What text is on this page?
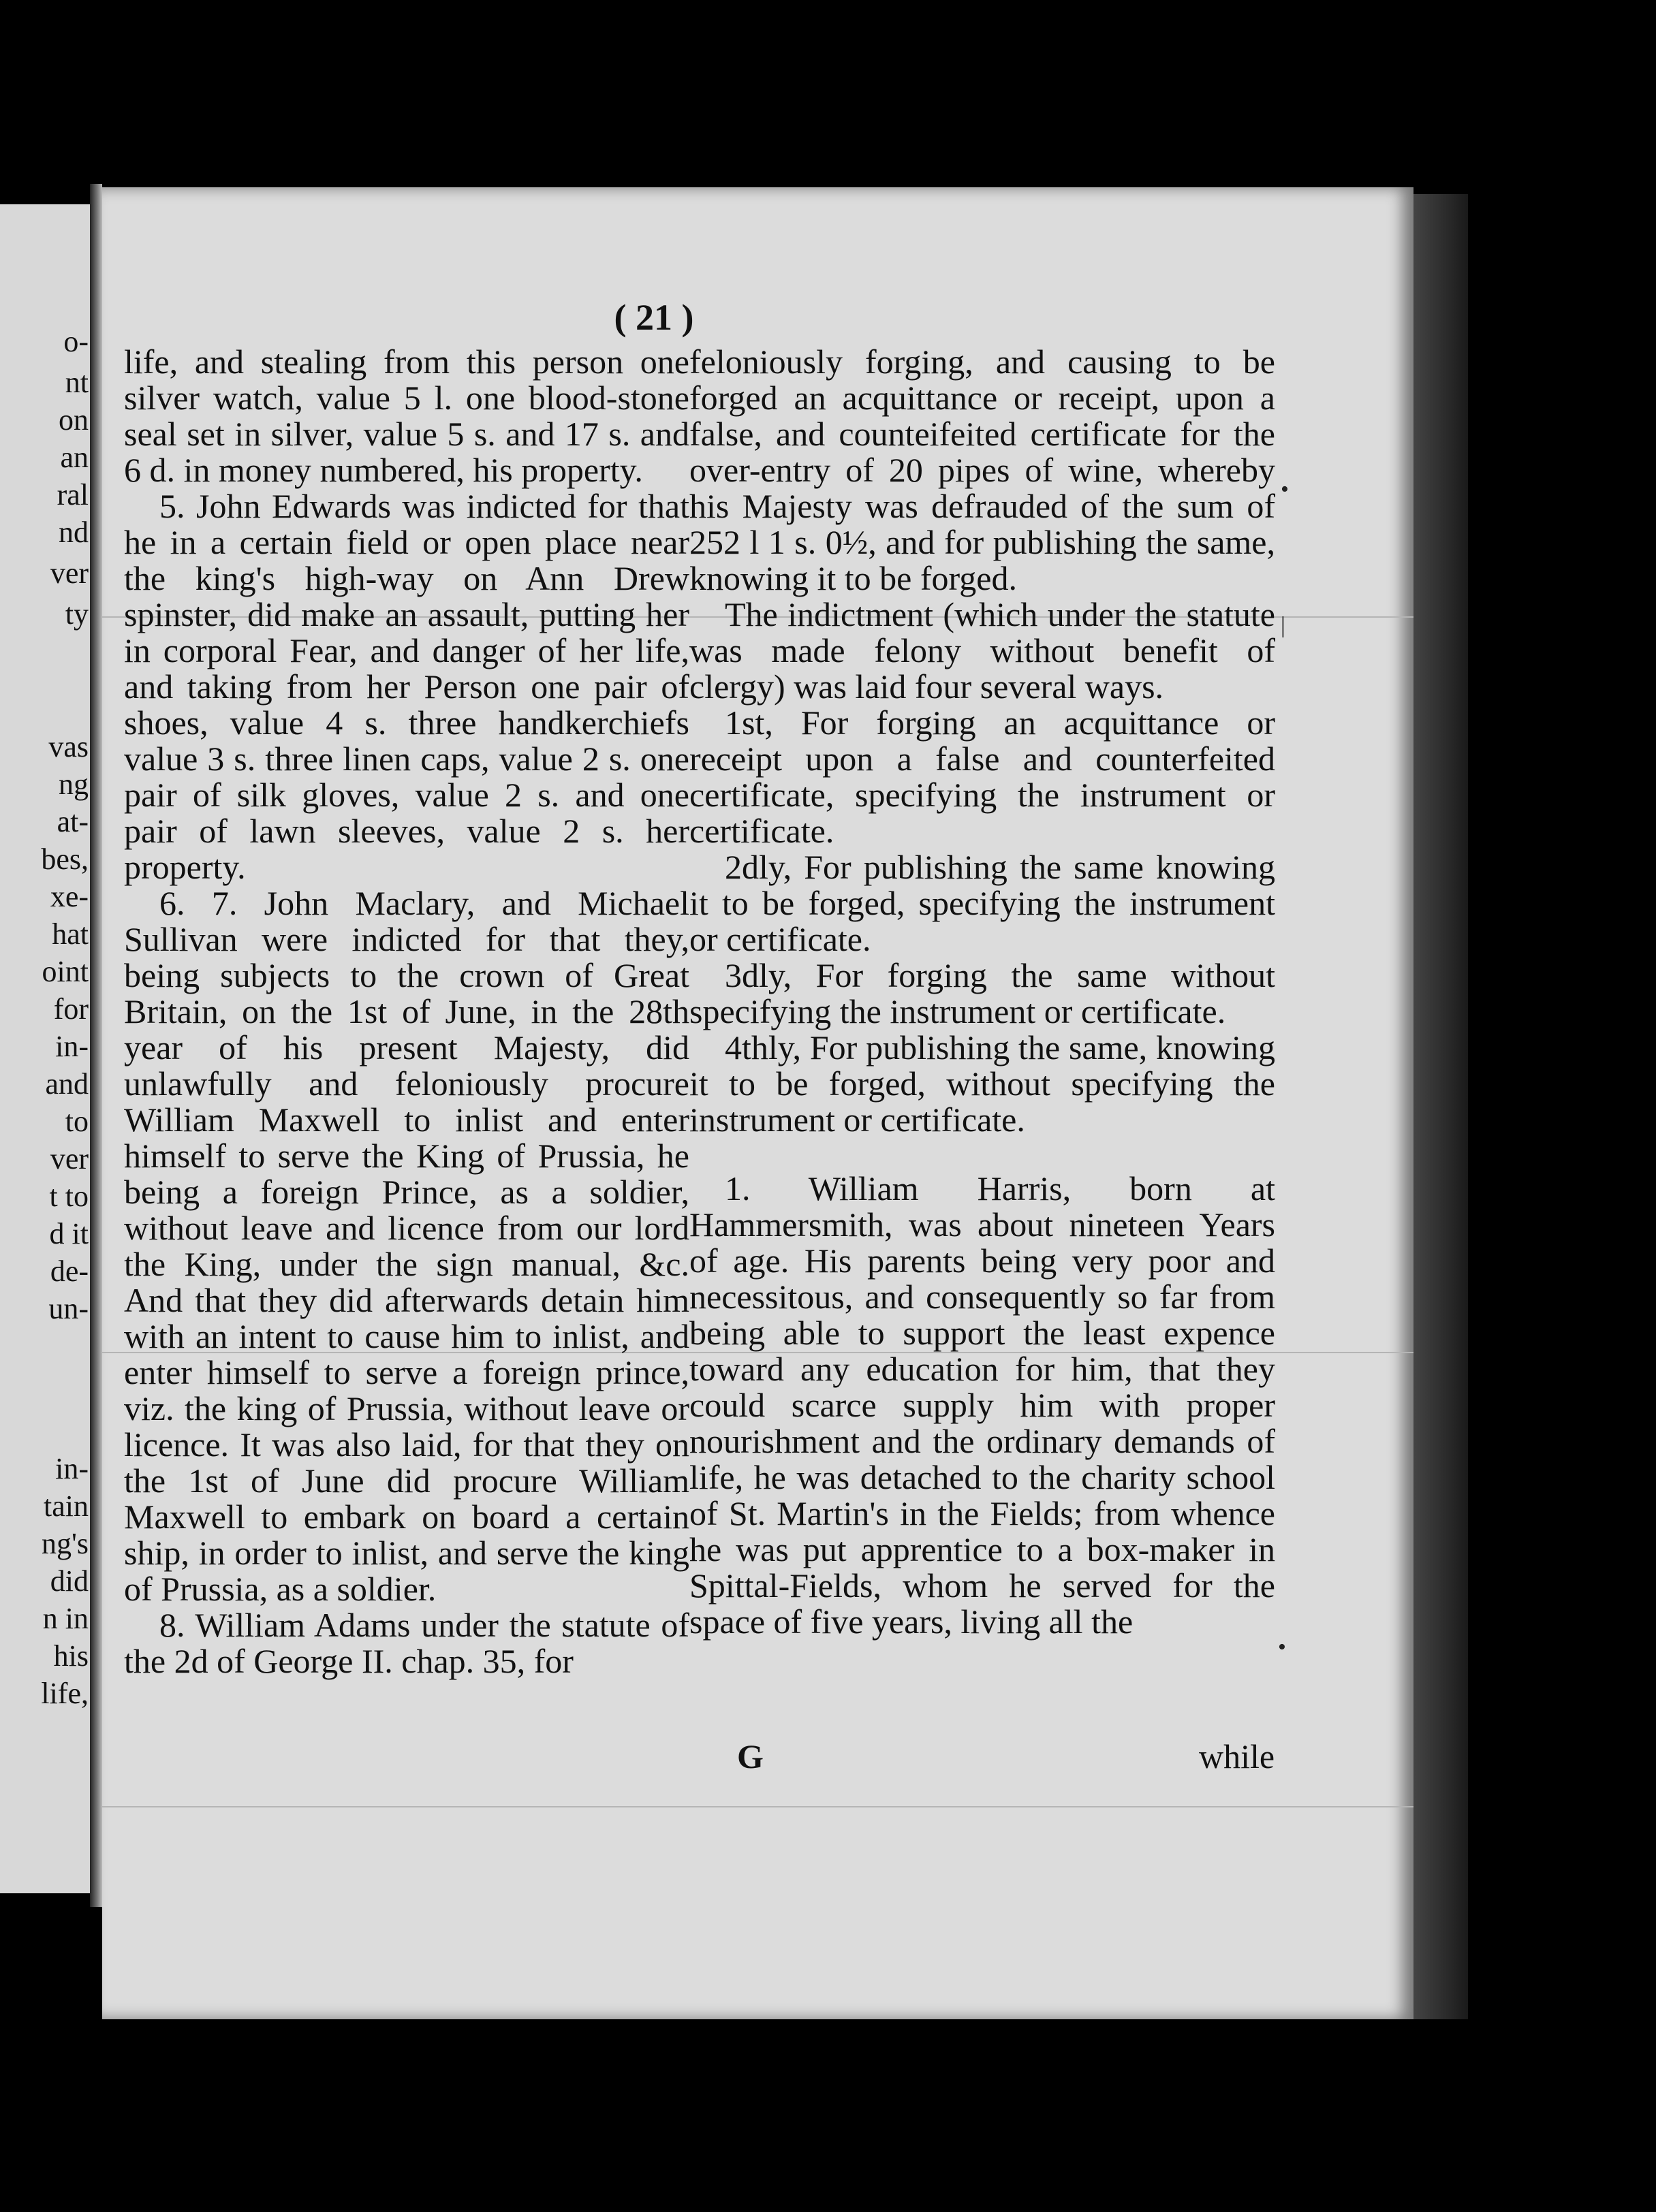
o-
nt
on
an
ral
nd
ver
ty
vas
ng
at-
bes,
xe-
hat
oint
for
in-
and
to
ver
t to
d it
de-
un-
in-
tain
ng's
did
n in
his
life,
( 21 )

life, and stealing from this person one silver watch, value 5 l. one blood-stone seal set in silver, value 5 s. and 17 s. and 6 d. in money numbered, his property.

5. John Edwards was indicted for that he in a certain field or open place near the king's high-way on Ann Drew spinster, did make an assault, putting her in corporal Fear, and danger of her life, and taking from her Person one pair of shoes, value 4 s. three handkerchiefs value 3 s. three linen caps, value 2 s. one pair of silk gloves, value 2 s. and one pair of lawn sleeves, value 2 s. her property.

6. 7. John Maclary, and Michael Sullivan were indicted for that they, being subjects to the crown of Great Britain, on the 1st of June, in the 28th year of his present Majesty, did unlawfully and feloniously procure William Maxwell to inlist and enter himself to serve the King of Prussia, he being a foreign Prince, as a soldier, without leave and licence from our lord the King, under the sign manual, &c. And that they did afterwards detain him with an intent to cause him to inlist, and enter himself to serve a foreign prince, viz. the king of Prussia, without leave or licence. It was also laid, for that they on the 1st of June did procure William Maxwell to embark on board a certain ship, in order to inlist, and serve the king of Prussia, as a soldier.

8. William Adams under the statute of the 2d of George II. chap. 35, for

feloniously forging, and causing to be forged an acquittance or receipt, upon a false, and counteifeited certificate for the over-entry of 20 pipes of wine, whereby his Majesty was defrauded of the sum of 252 l 1 s. 0½, and for publishing the same, knowing it to be forged.

The indictment (which under the statute was made felony without benefit of clergy) was laid four several ways.

1st, For forging an acquittance or receipt upon a false and counterfeited certificate, specifying the instrument or certificate.

2dly, For publishing the same knowing it to be forged, specifying the instrument or certificate.

3dly, For forging the same without specifying the instrument or certificate.

4thly, For publishing the same, knowing it to be forged, without specifying the instrument or certificate.

1. William Harris, born at Hammersmith, was about nineteen Years of age. His parents being very poor and necessitous, and consequently so far from being able to support the least expence toward any education for him, that they could scarce supply him with proper nourishment and the ordinary demands of life, he was detached to the charity school of St. Martin's in the Fields; from whence he was put apprentice to a box-maker in Spittal-Fields, whom he served for the space of five years, living all the

G	while
•
|
•
